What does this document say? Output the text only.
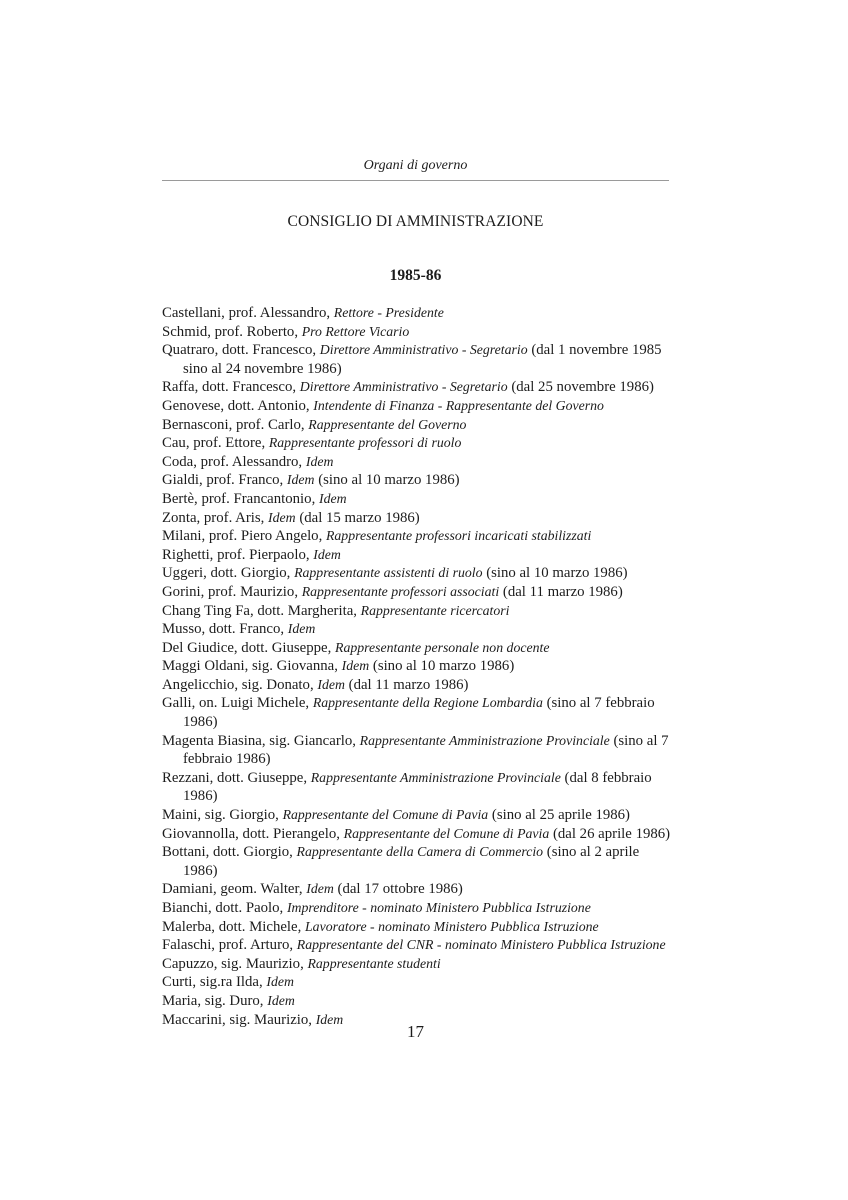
Organi di governo
CONSIGLIO DI AMMINISTRAZIONE
1985-86
Castellani, prof. Alessandro, Rettore - Presidente
Schmid, prof. Roberto, Pro Rettore Vicario
Quatraro, dott. Francesco, Direttore Amministrativo - Segretario (dal 1 novembre 1985 sino al 24 novembre 1986)
Raffa, dott. Francesco, Direttore Amministrativo - Segretario (dal 25 novembre 1986)
Genovese, dott. Antonio, Intendente di Finanza - Rappresentante del Governo
Bernasconi, prof. Carlo, Rappresentante del Governo
Cau, prof. Ettore, Rappresentante professori di ruolo
Coda, prof. Alessandro, Idem
Gialdi, prof. Franco, Idem (sino al 10 marzo 1986)
Bertè, prof. Francantonio, Idem
Zonta, prof. Aris, Idem (dal 15 marzo 1986)
Milani, prof. Piero Angelo, Rappresentante professori incaricati stabilizzati
Righetti, prof. Pierpaolo, Idem
Uggeri, dott. Giorgio, Rappresentante assistenti di ruolo (sino al 10 marzo 1986)
Gorini, prof. Maurizio, Rappresentante professori associati (dal 11 marzo 1986)
Chang Ting Fa, dott. Margherita, Rappresentante ricercatori
Musso, dott. Franco, Idem
Del Giudice, dott. Giuseppe, Rappresentante personale non docente
Maggi Oldani, sig. Giovanna, Idem (sino al 10 marzo 1986)
Angelicchio, sig. Donato, Idem (dal 11 marzo 1986)
Galli, on. Luigi Michele, Rappresentante della Regione Lombardia (sino al 7 febbraio 1986)
Magenta Biasina, sig. Giancarlo, Rappresentante Amministrazione Provinciale (sino al 7 febbraio 1986)
Rezzani, dott. Giuseppe, Rappresentante Amministrazione Provinciale (dal 8 febbraio 1986)
Maini, sig. Giorgio, Rappresentante del Comune di Pavia (sino al 25 aprile 1986)
Giovannolla, dott. Pierangelo, Rappresentante del Comune di Pavia (dal 26 aprile 1986)
Bottani, dott. Giorgio, Rappresentante della Camera di Commercio (sino al 2 aprile 1986)
Damiani, geom. Walter, Idem (dal 17 ottobre 1986)
Bianchi, dott. Paolo, Imprenditore - nominato Ministero Pubblica Istruzione
Malerba, dott. Michele, Lavoratore - nominato Ministero Pubblica Istruzione
Falaschi, prof. Arturo, Rappresentante del CNR - nominato Ministero Pubblica Istruzione
Capuzzo, sig. Maurizio, Rappresentante studenti
Curti, sig.ra Ilda, Idem
Maria, sig. Duro, Idem
Maccarini, sig. Maurizio, Idem
17
